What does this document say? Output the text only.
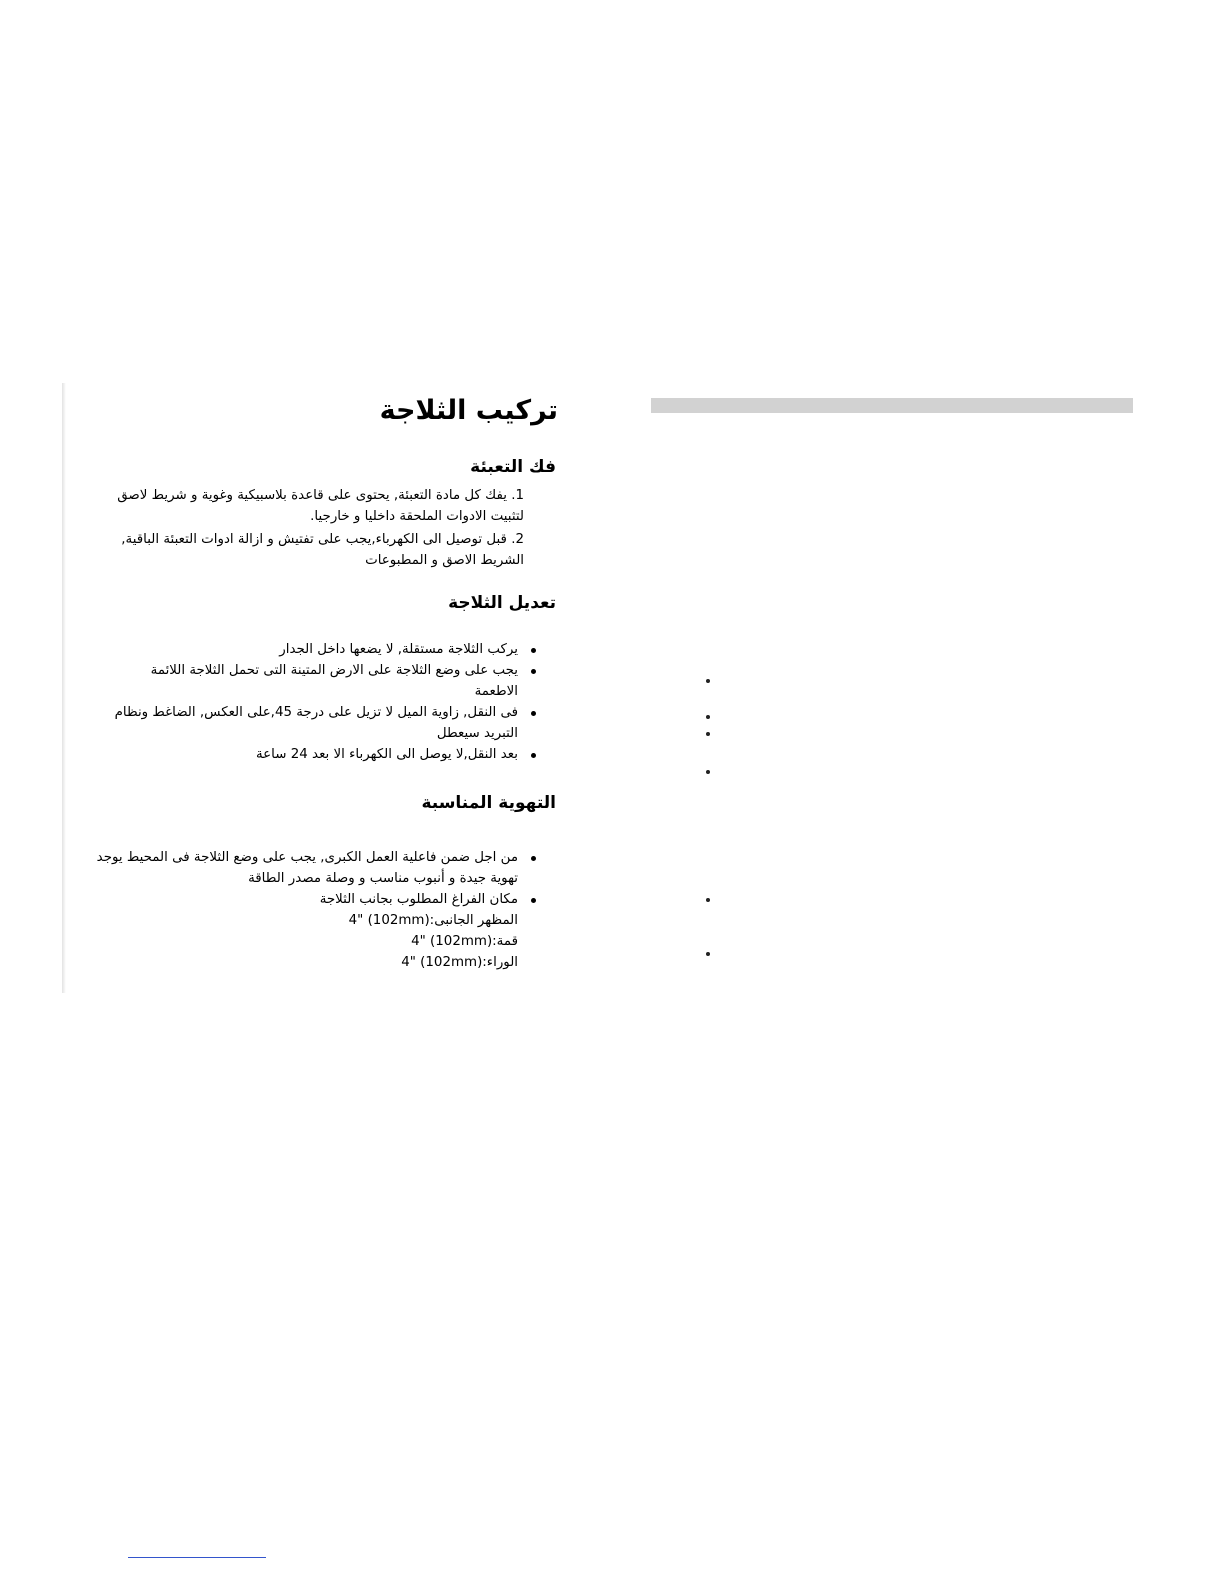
تركيب الثلاجة
فك التعبئة

1. يفك كل مادة التعبئة, يحتوى على قاعدة بلاسبيكية وغوية و شريط لاصق

لتثبيت الادوات الملحقة داخليا و خارجيا.

2. قبل توصيل الى الكهرباء,يجب على تفتيش و ازالة ادوات التعبئة الباقية,

الشريط الاصق و المطبوعات

تعديل الثلاجة
يركب الثلاجة مستقلة, لا يضعها داخل الجدار
يجب على وضع الثلاجة على الارض المتينة التى تحمل الثلاجة اللائمة
الاطعمة
فى النقل, زاوية الميل لا تزيل على درجة 45,على العكس, الضاغط ونظام
التبريد سيعطل
بعد النقل,لا يوصل الى الكهرباء الا بعد 24 ساعة
التهوية المناسبة
من اجل ضمن فاعلية العمل الكبرى, يجب على وضع الثلاجة فى المحيط يوجد
تهوية جيدة و أنبوب مناسب و وصلة مصدر الطاقة
مكان الفراغ المطلوب بجانب الثلاجة
المظهر الجانبى:(102mm) "4
قمة:(102mm) "4
الوراء:(102mm) "4
